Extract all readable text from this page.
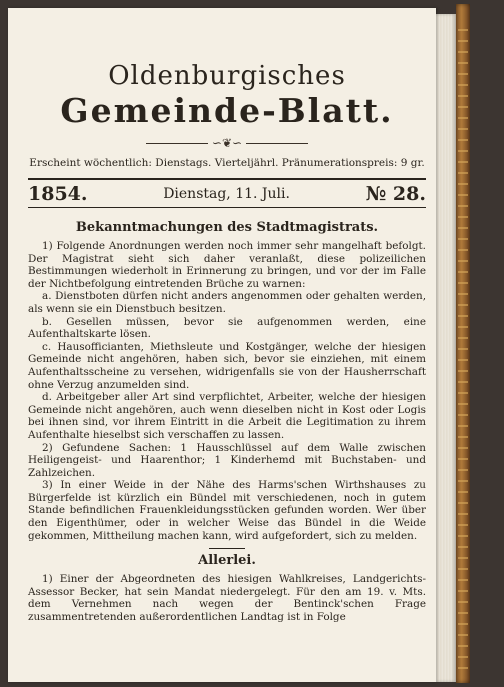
Oldenburgisches
Gemeinde-Blatt.
∽❦∽
Erscheint wöchentlich: Dienstags. Vierteljährl. Pränumerationspreis: 9 gr.
1854.	Dienstag, 11. Juli.	№ 28.
Bekanntmachungen des Stadtmagistrats.

1) Folgende Anordnungen werden noch immer sehr mangelhaft befolgt. Der Magistrat sieht sich daher veranlaßt, diese polizeilichen Bestimmungen wiederholt in Erinnerung zu bringen, und vor der im Falle der Nichtbefolgung eintretenden Brüche zu warnen:

a. Dienstboten dürfen nicht anders angenommen oder gehalten werden, als wenn sie ein Dienstbuch besitzen.

b. Gesellen müssen, bevor sie aufgenommen werden, eine Aufenthaltskarte lösen.

c. Hausofficianten, Miethsleute und Kostgänger, welche der hiesigen Gemeinde nicht angehören, haben sich, bevor sie einziehen, mit einem Aufenthaltsscheine zu versehen, widrigenfalls sie von der Hausherrschaft ohne Verzug anzumelden sind.

d. Arbeitgeber aller Art sind verpflichtet, Arbeiter, welche der hiesigen Gemeinde nicht angehören, auch wenn dieselben nicht in Kost oder Logis bei ihnen sind, vor ihrem Eintritt in die Arbeit die Legitimation zu ihrem Aufenthalte hieselbst sich verschaffen zu lassen.

2) Gefundene Sachen: 1 Hausschlüssel auf dem Walle zwischen Heiligengeist- und Haarenthor; 1 Kinderhemd mit Buchstaben- und Zahlzeichen.

3) In einer Weide in der Nähe des Harms'schen Wirthshauses zu Bürgerfelde ist kürzlich ein Bündel mit verschiedenen, noch in gutem Stande befindlichen Frauenkleidungsstücken gefunden worden. Wer über den Eigenthümer, oder in welcher Weise das Bündel in die Weide gekommen, Mittheilung machen kann, wird aufgefordert, sich zu melden.

Allerlei.

1) Einer der Abgeordneten des hiesigen Wahlkreises, Landgerichts-Assessor Becker, hat sein Mandat niedergelegt. Für den am 19. v. Mts. dem Vernehmen nach wegen der Bentinck'schen Frage zusammentretenden außerordentlichen Landtag ist in Folge
